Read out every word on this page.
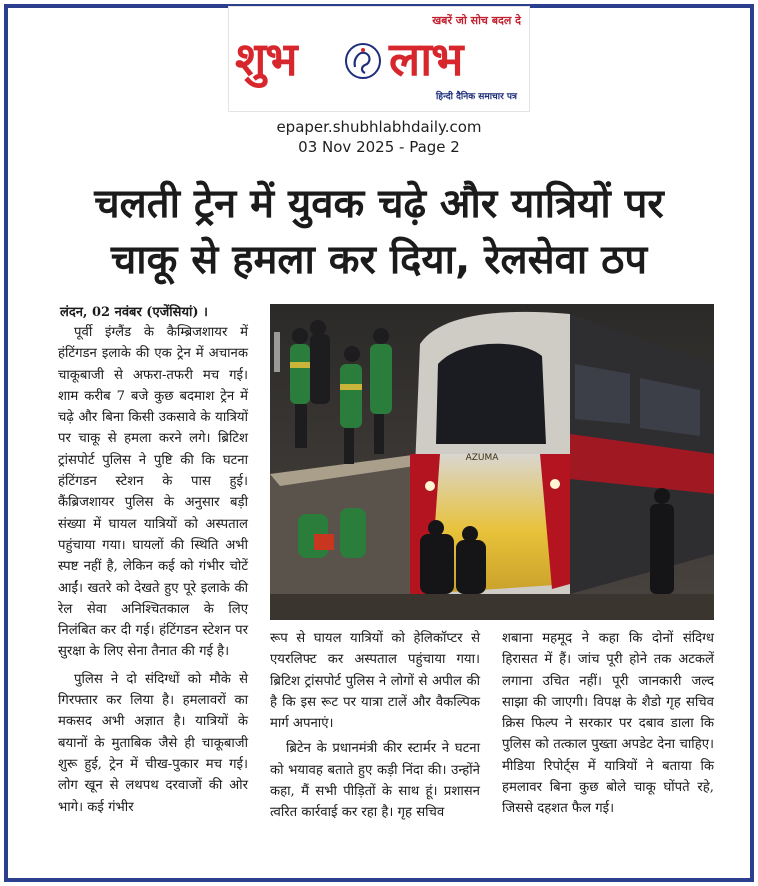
खबरें जो सोच बदल दे
शुभ लाभ
हिन्दी दैनिक समाचार पत्र
epaper.shubhlabhdaily.com
03 Nov 2025 - Page 2
चलती ट्रेन में युवक चढ़े और यात्रियों पर
चाकू से हमला कर दिया, रेलसेवा ठप
लंदन, 02 नवंबर (एजेंसियां) ।

पूर्वी इंग्लैंड के कैम्ब्रिजशायर में हंटिंगडन इलाके की एक ट्रेन में अचानक चाकूबाजी से अफरा-तफरी मच गई। शाम करीब 7 बजे कुछ बदमाश ट्रेन में चढ़े और बिना किसी उकसावे के यात्रियों पर चाकू से हमला करने लगे। ब्रिटिश ट्रांसपोर्ट पुलिस ने पुष्टि की कि घटना हंटिंगडन स्टेशन के पास हुई। कैंब्रिजशायर पुलिस के अनुसार बड़ी संख्या में घायल यात्रियों को अस्पताल पहुंचाया गया। घायलों की स्थिति अभी स्पष्ट नहीं है, लेकिन कई को गंभीर चोटें आईं। खतरे को देखते हुए पूरे इलाके की रेल सेवा अनिश्चितकाल के लिए निलंबित कर दी गई। हंटिंगडन स्टेशन पर सुरक्षा के लिए सेना तैनात की गई है।

पुलिस ने दो संदिग्धों को मौके से गिरफ्तार कर लिया है। हमलावरों का मकसद अभी अज्ञात है। यात्रियों के बयानों के मुताबिक जैसे ही चाकूबाजी शुरू हुई, ट्रेन में चीख-पुकार मच गई। लोग खून से लथपथ दरवाजों की ओर भागे। कई गंभीर

AZUMA

रूप से घायल यात्रियों को हेलिकॉप्टर से एयरलिफ्ट कर अस्पताल पहुंचाया गया। ब्रिटिश ट्रांसपोर्ट पुलिस ने लोगों से अपील की है कि इस रूट पर यात्रा टालें और वैकल्पिक मार्ग अपनाएं।

ब्रिटेन के प्रधानमंत्री कीर स्टार्मर ने घटना को भयावह बताते हुए कड़ी निंदा की। उन्होंने कहा, मैं सभी पीड़ितों के साथ हूं। प्रशासन त्वरित कार्रवाई कर रहा है। गृह सचिव

शबाना महमूद ने कहा कि दोनों संदिग्ध हिरासत में हैं। जांच पूरी होने तक अटकलें लगाना उचित नहीं। पूरी जानकारी जल्द साझा की जाएगी। विपक्ष के शैडो गृह सचिव क्रिस फिल्प ने सरकार पर दबाव डाला कि पुलिस को तत्काल पुख्ता अपडेट देना चाहिए। मीडिया रिपोर्ट्स में यात्रियों ने बताया कि हमलावर बिना कुछ बोले चाकू घोंपते रहे, जिससे दहशत फैल गई।
